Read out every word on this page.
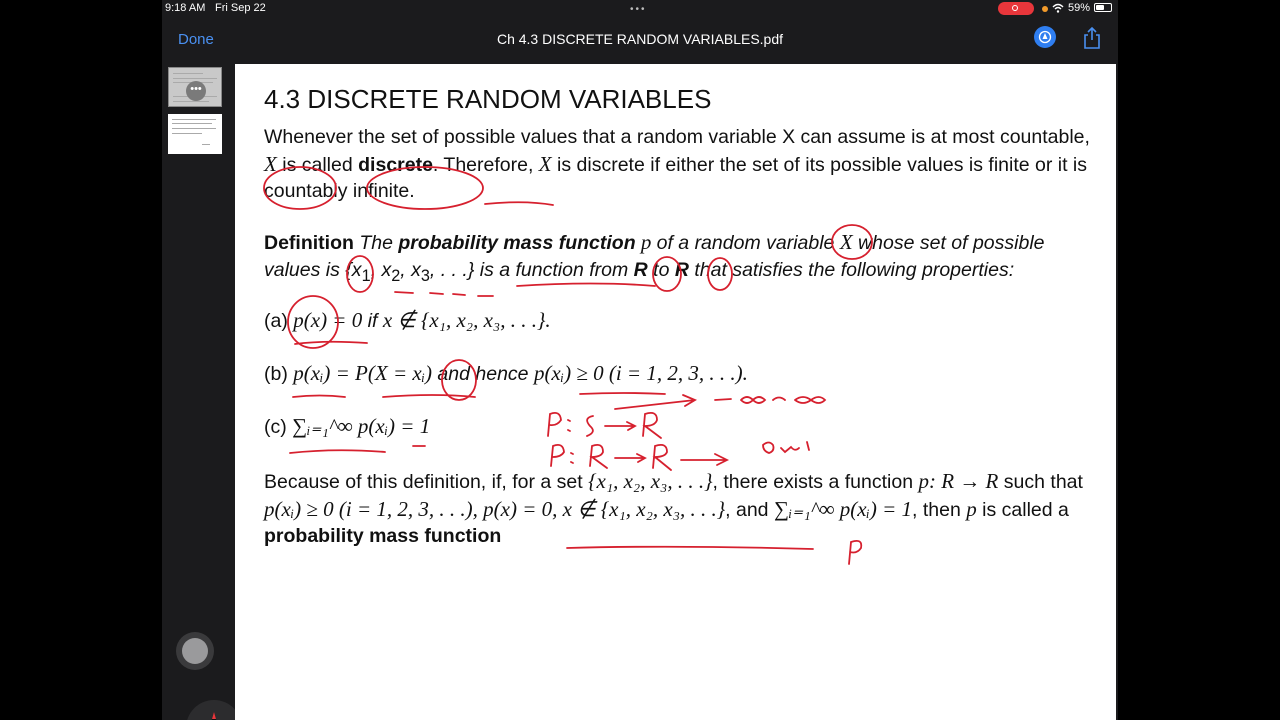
9:18 AM Fri Sep 22	•••	59%
Done	Ch 4.3 DISCRETE RANDOM VARIABLES.pdf
••• 4.3 DISCRETE RANDOM VARIABLES
Whenever the set of possible values that a random variable X can assume is at most countable, X is called discrete. Therefore, X is discrete if either the set of its possible values is finite or it is countably infinite.
Definition The probability mass function p of a random variable X whose set of possible values is {$x_1$, $x_2$, $x_3$, . . .} is a function from R to R that satisfies the following properties:
(a) p(x) = 0 if x ∉ {x₁, x₂, x₃, . . .}.
(b) p(xᵢ) = P(X = xᵢ) and hence p(xᵢ) ≥ 0 (i = 1, 2, 3, . . .).
(c) ∑ᵢ₌₁^∞ p(xᵢ) = 1
Because of this definition, if, for a set {x₁, x₂, x₃, . . .}, there exists a function p: R → R such that p(xᵢ) ≥ 0 (i = 1, 2, 3, . . .), p(x) = 0, x ∉ {x₁, x₂, x₃, . . .}, and ∑ᵢ₌₁^∞ p(xᵢ) = 1, then p is called a probability mass function
